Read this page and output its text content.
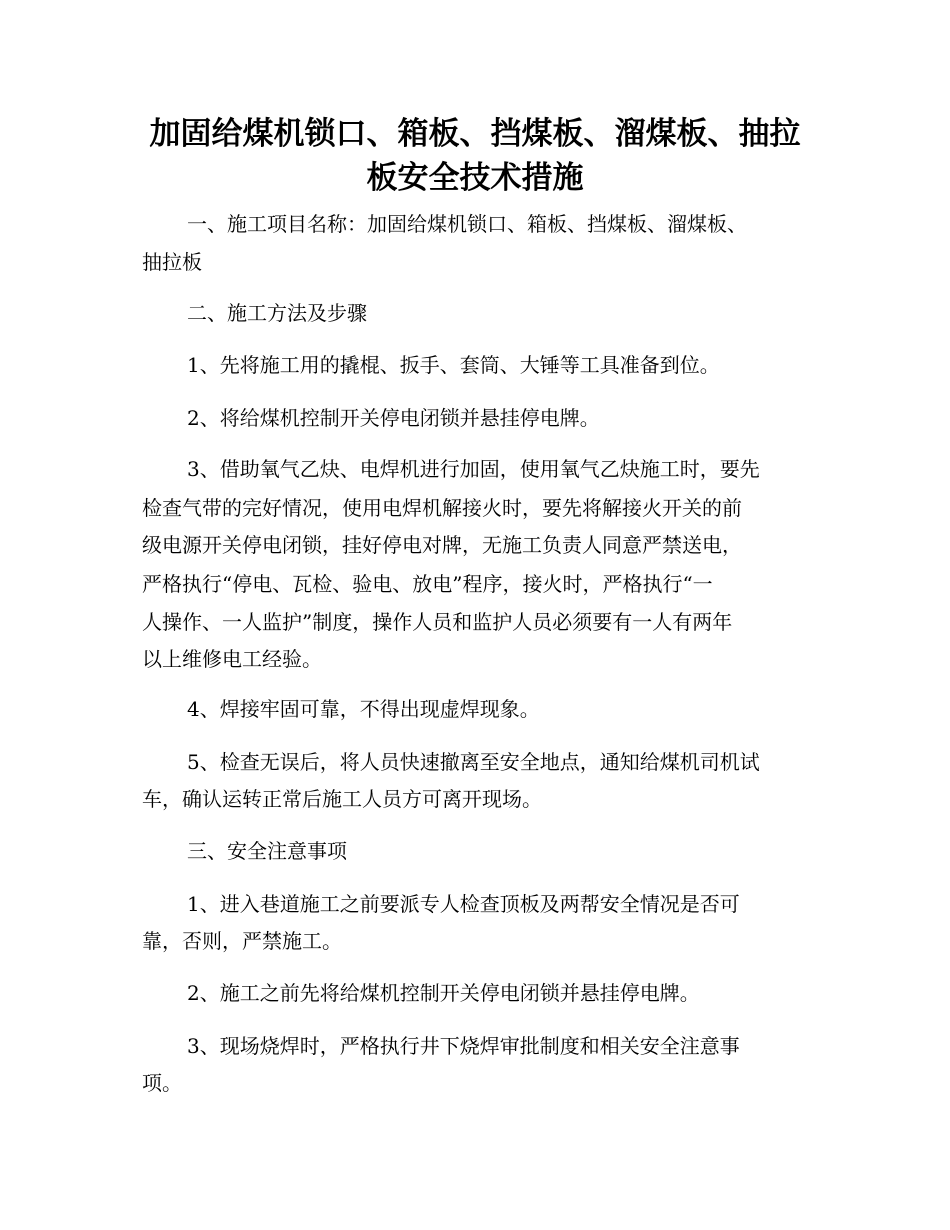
加固给煤机锁口、箱板、挡煤板、溜煤板、抽拉
板安全技术措施

一、施工项目名称：加固给煤机锁口、箱板、挡煤板、溜煤板、

抽拉板

二、施工方法及步骤

1、先将施工用的撬棍、扳手、套筒、大锤等工具准备到位。

2、将给煤机控制开关停电闭锁并悬挂停电牌。

3、借助氧气乙炔、电焊机进行加固，使用氧气乙炔施工时，要先

检查气带的完好情况，使用电焊机解接火时，要先将解接火开关的前

级电源开关停电闭锁，挂好停电对牌，无施工负责人同意严禁送电，

严格执行“停电、瓦检、验电、放电”程序，接火时，严格执行“一

人操作、一人监护”制度，操作人员和监护人员必须要有一人有两年

以上维修电工经验。

4、焊接牢固可靠，不得出现虚焊现象。

5、检查无误后，将人员快速撤离至安全地点，通知给煤机司机试

车，确认运转正常后施工人员方可离开现场。

三、安全注意事项

1、进入巷道施工之前要派专人检查顶板及两帮安全情况是否可

靠，否则，严禁施工。

2、施工之前先将给煤机控制开关停电闭锁并悬挂停电牌。

3、现场烧焊时，严格执行井下烧焊审批制度和相关安全注意事

项。
